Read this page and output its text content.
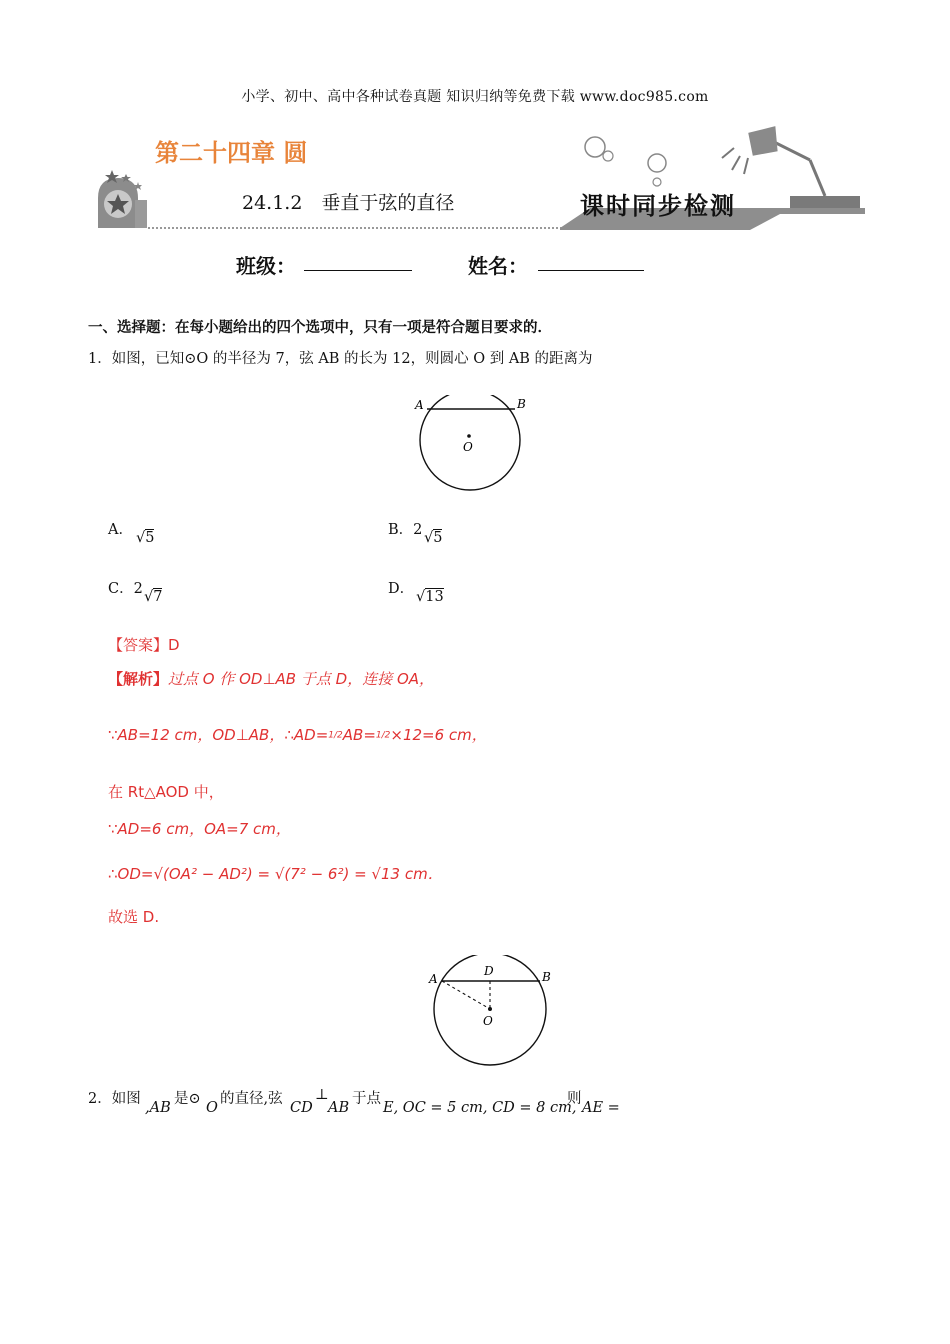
小学、初中、高中各种试卷真题 知识归纳等免费下载 www.doc985.com
第二十四章 圆
24.1.2　垂直于弦的直径	课时同步检测
班级：	姓名：
一、选择题：在每小题给出的四个选项中，只有一项是符合题目要求的．
1．如图，已知⊙O 的半径为 7，弦 AB 的长为 12，则圆心 O 到 AB 的距离为
A	B
O
A． √5	B．2 √5
C．2 √7	D． √13
【答案】D
【解析】过点 O 作 OD⊥AB 于点 D，连接 OA，
∵AB=12 cm，OD⊥AB，∴AD=1/2AB=1/2×12=6 cm，
在 Rt△AOD 中，
∵AD=6 cm，OA=7 cm，
∴OD=√(OA² − AD²) = √(7² − 6²) = √13 cm．
故选 D.
A	B
D
O
2．如图
,AB
是⊙
O
的直径,弦
CD
⊥
AB
于点
E, OC = 5 cm, CD = 8 cm,
则
AE =
